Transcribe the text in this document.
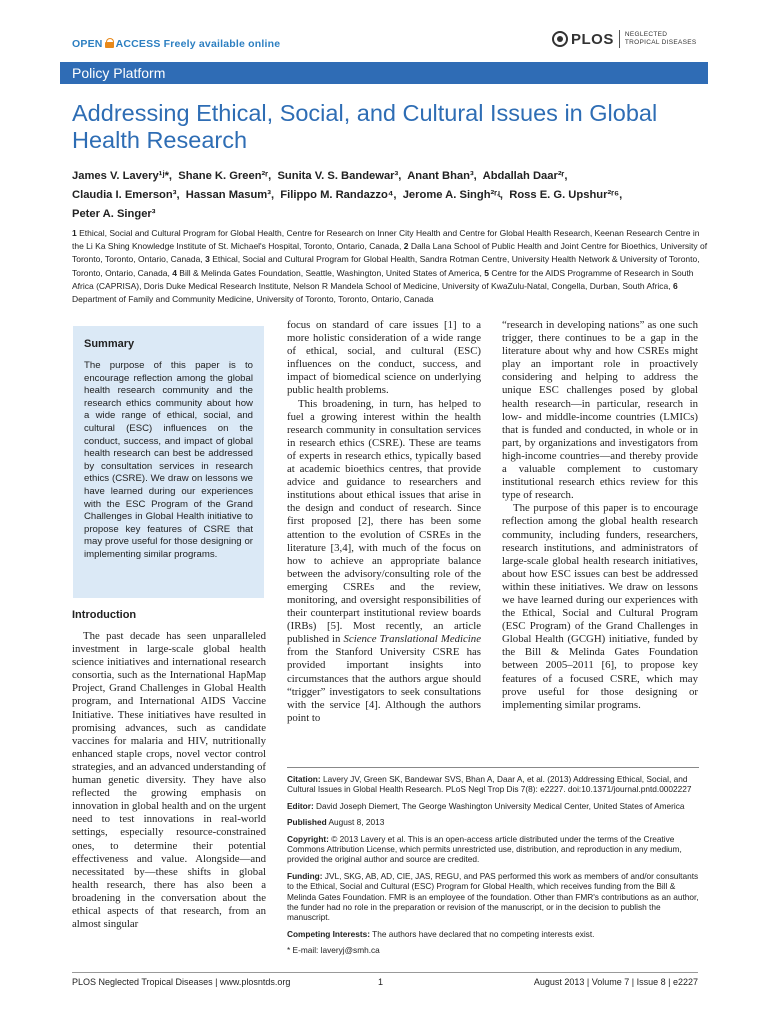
OPEN ACCESS Freely available online	PLOS NEGLECTED
TROPICAL DISEASES
Policy Platform
Addressing Ethical, Social, and Cultural Issues in Global Health Research
James V. Lavery¹ʲ*, Shane K. Green²ʳ, Sunita V. S. Bandewar³, Anant Bhan³, Abdallah Daar²ʳ,
Claudia I. Emerson³, Hassan Masum³, Filippo M. Randazzo⁴, Jerome A. Singh²ʳʵ, Ross E. G. Upshur²ʳ⁶,
Peter A. Singer³
1 Ethical, Social and Cultural Program for Global Health, Centre for Research on Inner City Health and Centre for Global Health Research, Keenan Research Centre in the Li Ka Shing Knowledge Institute of St. Michael's Hospital, Toronto, Ontario, Canada, 2 Dalla Lana School of Public Health and Joint Centre for Bioethics, University of Toronto, Toronto, Ontario, Canada, 3 Ethical, Social and Cultural Program for Global Health, Sandra Rotman Centre, University Health Network & University of Toronto, Toronto, Ontario, Canada, 4 Bill & Melinda Gates Foundation, Seattle, Washington, United States of America, 5 Centre for the AIDS Programme of Research in South Africa (CAPRISA), Doris Duke Medical Research Institute, Nelson R Mandela School of Medicine, University of KwaZulu-Natal, Congella, Durban, South Africa, 6 Department of Family and Community Medicine, University of Toronto, Toronto, Ontario, Canada
Summary
The purpose of this paper is to encourage reflection among the global health research community and the research ethics community about how a wide range of ethical, social, and cultural (ESC) influences on the conduct, success, and impact of global health research can best be addressed by consultation services in research ethics (CSRE). We draw on lessons we have learned during our experiences with the ESC Program of the Grand Challenges in Global Health initiative to propose key features of CSRE that may prove useful for those designing or implementing similar programs.
Introduction

The past decade has seen unparalleled investment in large-scale global health science initiatives and international research consortia, such as the International HapMap Project, Grand Challenges in Global Health program, and International AIDS Vaccine Initiative. These initiatives have resulted in promising advances, such as candidate vaccines for malaria and HIV, nutritionally enhanced staple crops, novel vector control strategies, and an advanced understanding of human genetic diversity. They have also reflected the growing emphasis on innovation in global health and on the urgent need to test innovations in real-world settings, especially resource-constrained ones, to determine their potential effectiveness and value. Alongside—and necessitated by—these shifts in global health research, there has also been a broadening in the conversation about the ethical aspects of that research, from an almost singular

focus on standard of care issues [1] to a more holistic consideration of a wide range of ethical, social, and cultural (ESC) influences on the conduct, success, and impact of biomedical science on underlying public health problems.

This broadening, in turn, has helped to fuel a growing interest within the health research community in consultation services in research ethics (CSRE). These are teams of experts in research ethics, typically based at academic bioethics centres, that provide advice and guidance to researchers and institutions about ethical issues that arise in the design and conduct of research. Since first proposed [2], there has been some attention to the evolution of CSREs in the literature [3,4], with much of the focus on how to achieve an appropriate balance between the advisory/consulting role of the emerging CSREs and the review, monitoring, and oversight responsibilities of their counterpart institutional review boards (IRBs) [5]. Most recently, an article published in Science Translational Medicine from the Stanford University CSRE has provided important insights into circumstances that the authors argue should “trigger” investigators to seek consultations with the service [4]. Although the authors point to

“research in developing nations” as one such trigger, there continues to be a gap in the literature about why and how CSREs might play an important role in proactively considering and helping to address the unique ESC challenges posed by global health research—in particular, research in low- and middle-income countries (LMICs) that is funded and conducted, in whole or in part, by organizations and investigators from high-income countries—and thereby provide a valuable complement to customary institutional research ethics review for this type of research.

The purpose of this paper is to encourage reflection among the global health research community, including funders, researchers, research institutions, and administrators of large-scale global health research initiatives, about how ESC issues can best be addressed within these initiatives. We draw on lessons we have learned during our experiences with the Ethical, Social and Cultural Program (ESC Program) of the Grand Challenges in Global Health (GCGH) initiative, funded by the Bill & Melinda Gates Foundation between 2005–2011 [6], to propose key features of a focused CSRE, which may prove useful for those designing or implementing similar programs.

Citation: Lavery JV, Green SK, Bandewar SVS, Bhan A, Daar A, et al. (2013) Addressing Ethical, Social, and Cultural Issues in Global Health Research. PLoS Negl Trop Dis 7(8): e2227. doi:10.1371/journal.pntd.0002227
Editor: David Joseph Diemert, The George Washington University Medical Center, United States of America
Published August 8, 2013
Copyright: © 2013 Lavery et al. This is an open-access article distributed under the terms of the Creative Commons Attribution License, which permits unrestricted use, distribution, and reproduction in any medium, provided the original author and source are credited.
Funding: JVL, SKG, AB, AD, CIE, JAS, REGU, and PAS performed this work as members of and/or consultants to the Ethical, Social and Cultural (ESC) Program for Global Health, which receives funding from the Bill & Melinda Gates Foundation. FMR is an employee of the foundation. Other than FMR's contributions as an author, the funder had no role in the preparation or revision of the manuscript, or in the decision to publish the manuscript.
Competing Interests: The authors have declared that no competing interests exist.
* E-mail: laveryj@smh.ca
PLOS Neglected Tropical Diseases | www.plosntds.org	1	August 2013 | Volume 7 | Issue 8 | e2227
